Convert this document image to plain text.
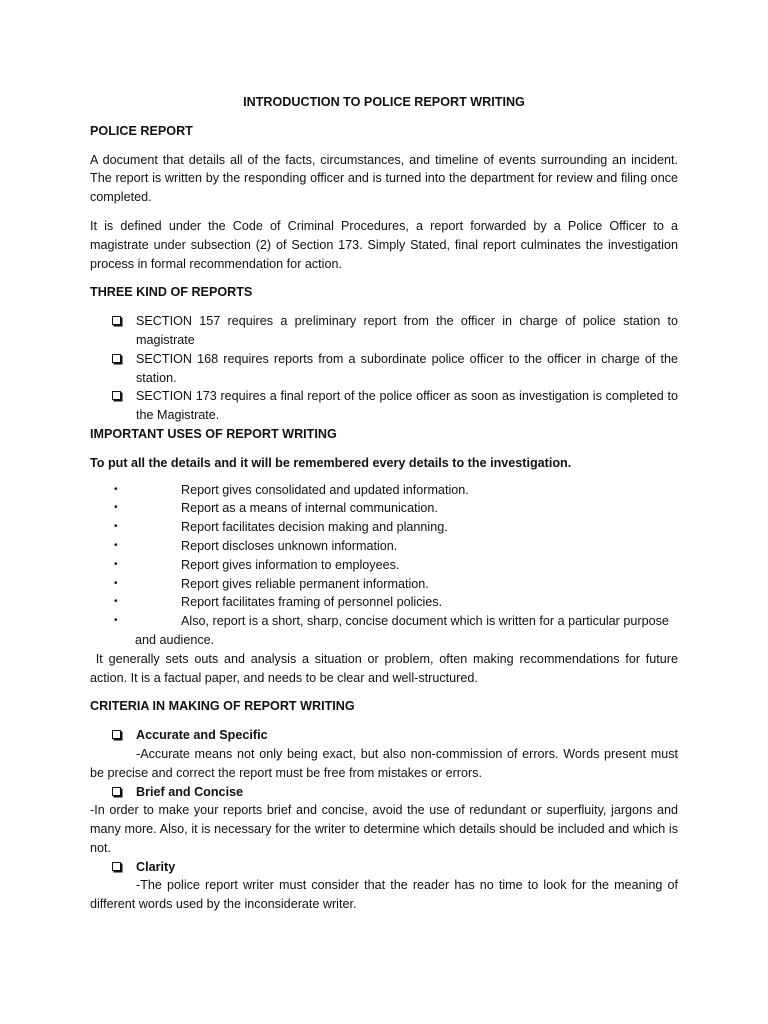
INTRODUCTION TO POLICE REPORT WRITING
POLICE REPORT

A document that details all of the facts, circumstances, and timeline of events surrounding an incident. The report is written by the responding officer and is turned into the department for review and filing once completed.

It is defined under the Code of Criminal Procedures, a report forwarded by a Police Officer to a magistrate under subsection (2) of Section 173. Simply Stated, final report culminates the investigation process in formal recommendation for action.

THREE KIND OF REPORTS
SECTION 157 requires a preliminary report from the officer in charge of police station to magistrate
SECTION 168 requires reports from a subordinate police officer to the officer in charge of the station.
SECTION 173 requires a final report of the police officer as soon as investigation is completed to the Magistrate.
IMPORTANT USES OF REPORT WRITING
To put all the details and it will be remembered every details to the investigation.
•	Report gives consolidated and updated information.
•	Report as a means of internal communication.
•	Report facilitates decision making and planning.
•	Report discloses unknown information.
•	Report gives information to employees.
•	Report gives reliable permanent information.
•	Report facilitates framing of personnel policies.
•	Also, report is a short, sharp, concise document which is written for a particular purpose
and audience.

It generally sets outs and analysis a situation or problem, often making recommendations for future action. It is a factual paper, and needs to be clear and well-structured.

CRITERIA IN MAKING OF REPORT WRITING
Accurate and Specific
-Accurate means not only being exact, but also non-commission of errors. Words present must be precise and correct the report must be free from mistakes or errors.
Brief and Concise
-In order to make your reports brief and concise, avoid the use of redundant or superfluity, jargons and many more. Also, it is necessary for the writer to determine which details should be included and which is not.
Clarity
-The police report writer must consider that the reader has no time to look for the meaning of different words used by the inconsiderate writer.
